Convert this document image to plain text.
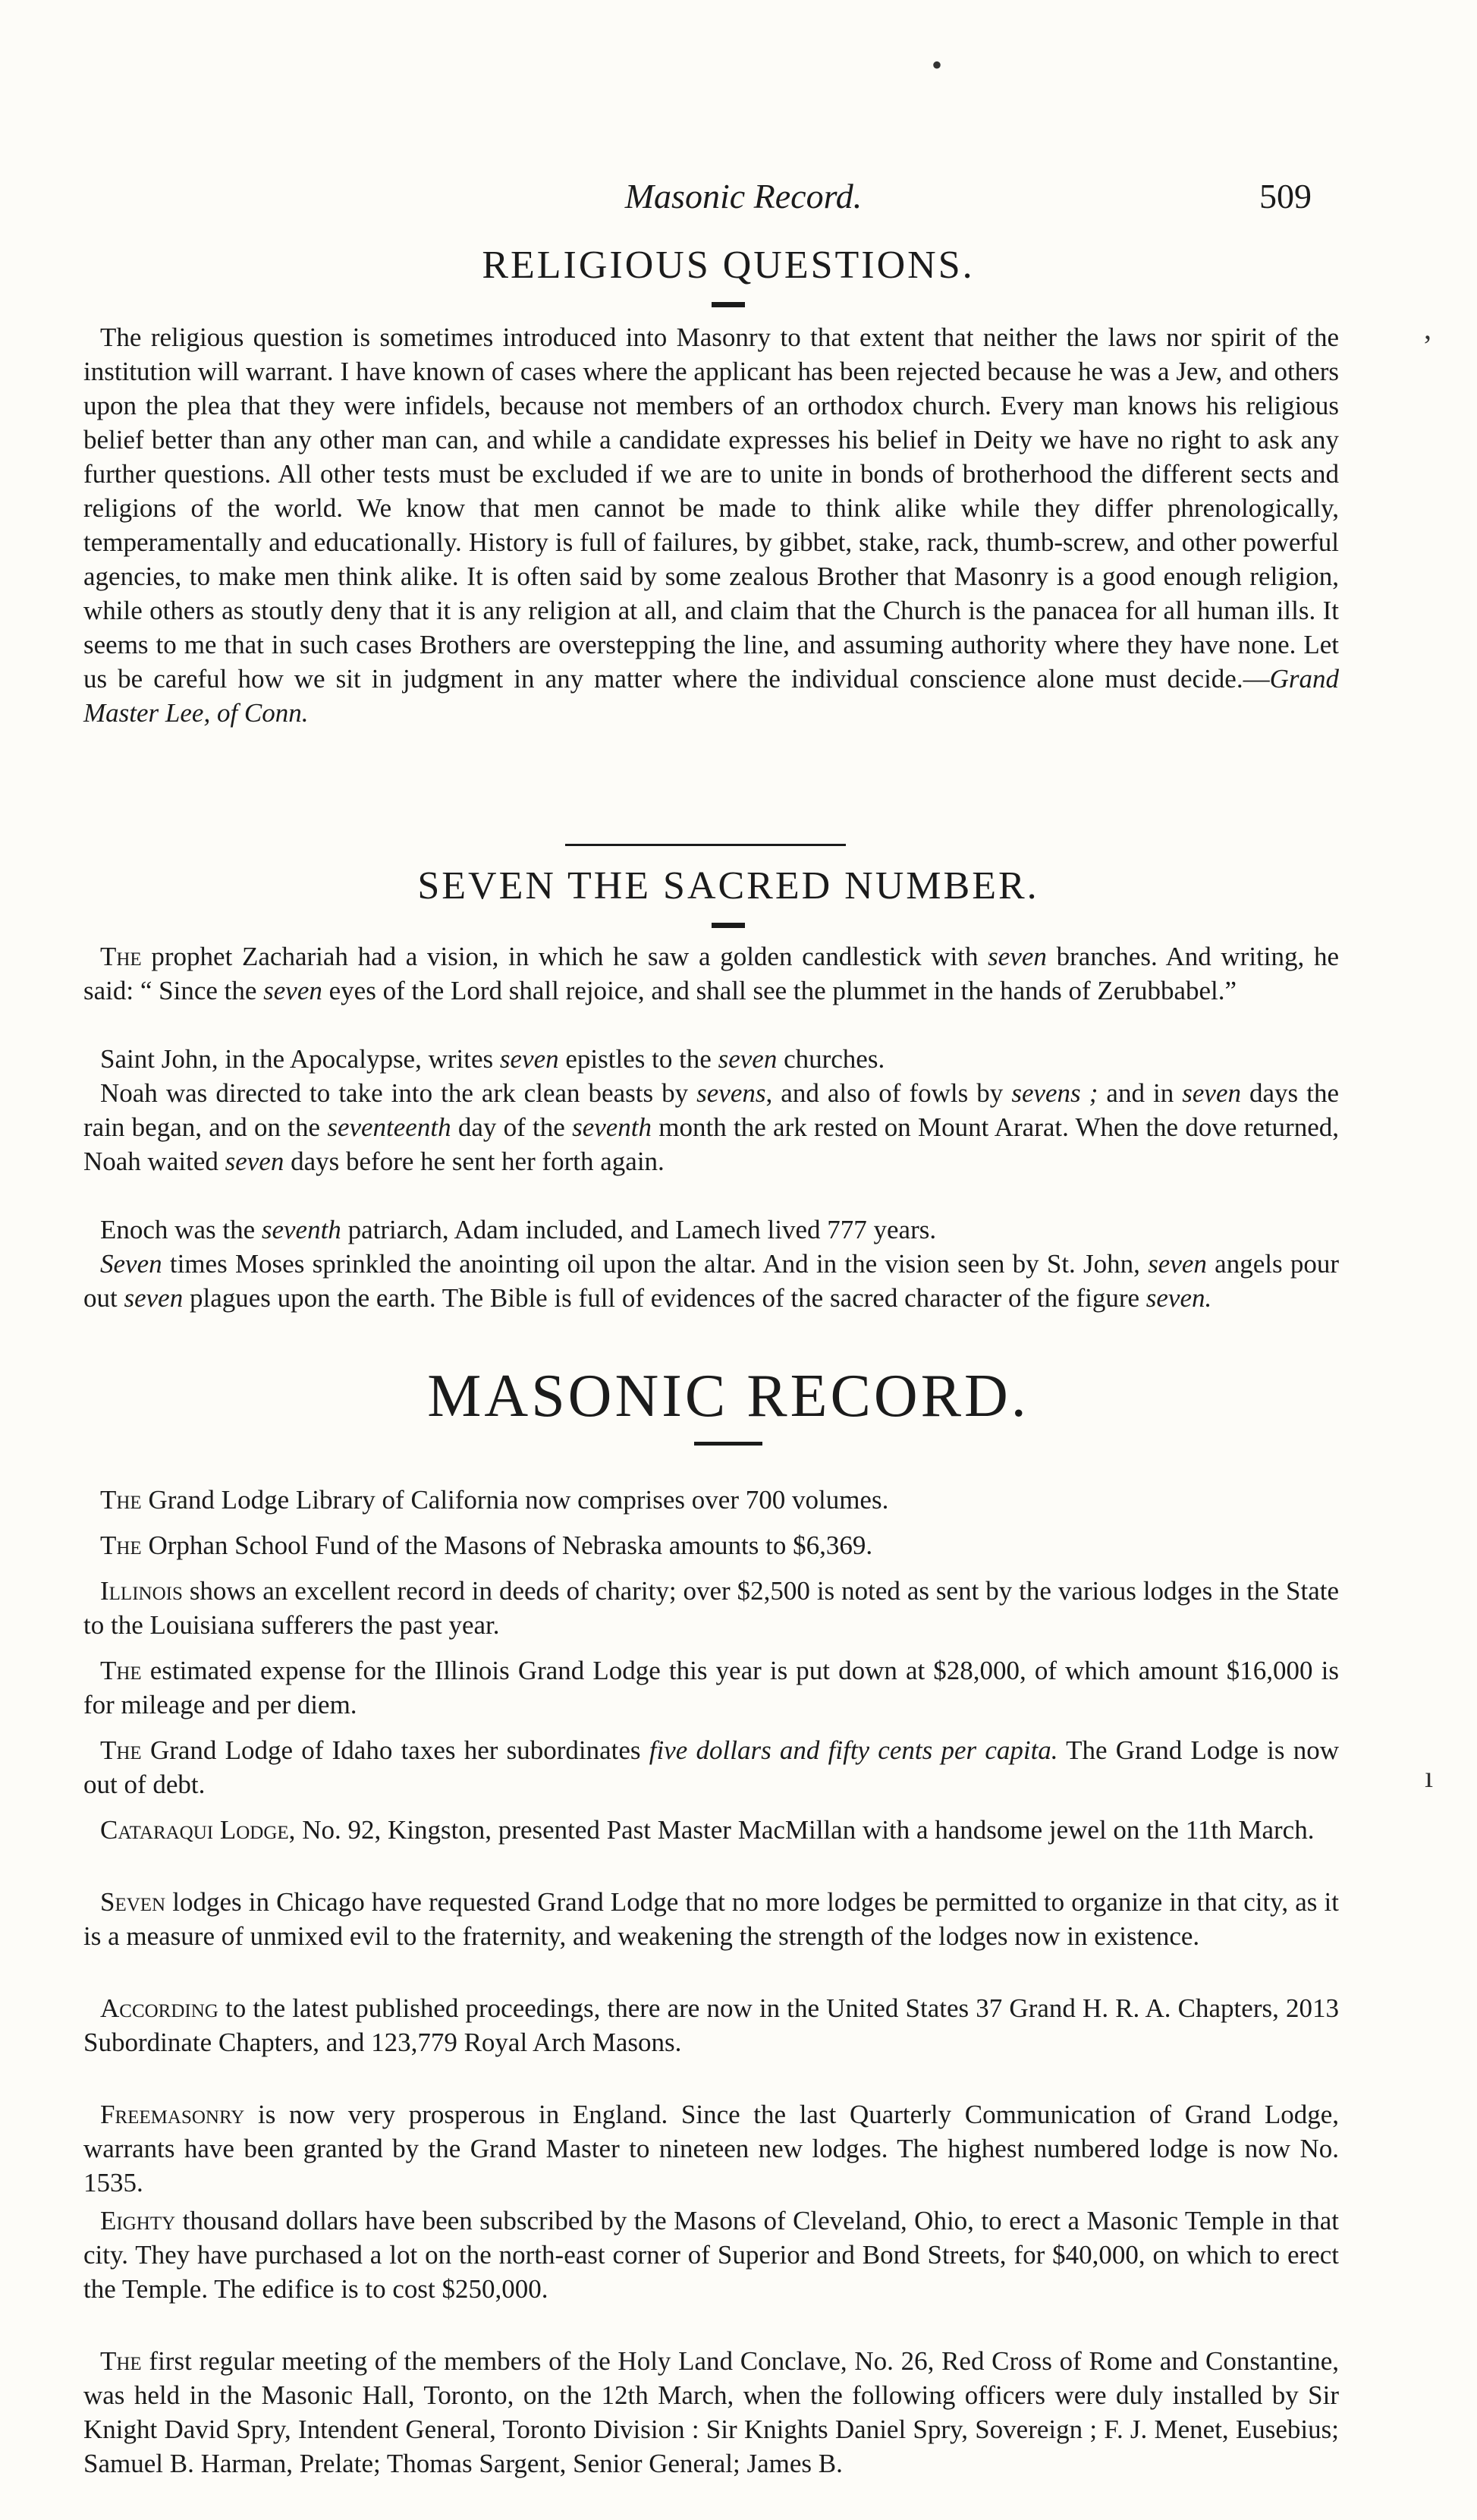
•
’
ı
Masonic Record.	509
RELIGIOUS QUESTIONS.
The religious question is sometimes introduced into Masonry to that extent that neither the laws nor spirit of the institution will warrant. I have known of cases where the applicant has been rejected because he was a Jew, and others upon the plea that they were infidels, because not members of an orthodox church. Every man knows his religious belief better than any other man can, and while a candidate expresses his belief in Deity we have no right to ask any further questions. All other tests must be excluded if we are to unite in bonds of brotherhood the different sects and religions of the world. We know that men cannot be made to think alike while they differ phrenologically, temperamentally and educationally. History is full of failures, by gibbet, stake, rack, thumb-screw, and other powerful agencies, to make men think alike. It is often said by some zealous Brother that Masonry is a good enough religion, while others as stoutly deny that it is any religion at all, and claim that the Church is the panacea for all human ills. It seems to me that in such cases Brothers are overstepping the line, and assuming authority where they have none. Let us be careful how we sit in judgment in any matter where the individual conscience alone must decide.—Grand Master Lee, of Conn.
SEVEN THE SACRED NUMBER.
The prophet Zachariah had a vision, in which he saw a golden candlestick with seven branches. And writing, he said: “ Since the seven eyes of the Lord shall rejoice, and shall see the plummet in the hands of Zerubbabel.”
Saint John, in the Apocalypse, writes seven epistles to the seven churches.
Noah was directed to take into the ark clean beasts by sevens, and also of fowls by sevens ; and in seven days the rain began, and on the seventeenth day of the seventh month the ark rested on Mount Ararat. When the dove returned, Noah waited seven days before he sent her forth again.
Enoch was the seventh patriarch, Adam included, and Lamech lived 777 years.
Seven times Moses sprinkled the anointing oil upon the altar. And in the vision seen by St. John, seven angels pour out seven plagues upon the earth. The Bible is full of evidences of the sacred character of the figure seven.
MASONIC RECORD.
The Grand Lodge Library of California now comprises over 700 volumes.
The Orphan School Fund of the Masons of Nebraska amounts to $6,369.
Illinois shows an excellent record in deeds of charity; over $2,500 is noted as sent by the various lodges in the State to the Louisiana sufferers the past year.
The estimated expense for the Illinois Grand Lodge this year is put down at $28,000, of which amount $16,000 is for mileage and per diem.
The Grand Lodge of Idaho taxes her subordinates five dollars and fifty cents per capita. The Grand Lodge is now out of debt.
Cataraqui Lodge, No. 92, Kingston, presented Past Master MacMillan with a handsome jewel on the 11th March.
Seven lodges in Chicago have requested Grand Lodge that no more lodges be permitted to organize in that city, as it is a measure of unmixed evil to the fraternity, and weakening the strength of the lodges now in existence.
According to the latest published proceedings, there are now in the United States 37 Grand H. R. A. Chapters, 2013 Subordinate Chapters, and 123,779 Royal Arch Masons.
Freemasonry is now very prosperous in England. Since the last Quarterly Communication of Grand Lodge, warrants have been granted by the Grand Master to nineteen new lodges. The highest numbered lodge is now No. 1535.
Eighty thousand dollars have been subscribed by the Masons of Cleveland, Ohio, to erect a Masonic Temple in that city. They have purchased a lot on the north-east corner of Superior and Bond Streets, for $40,000, on which to erect the Temple. The edifice is to cost $250,000.
The first regular meeting of the members of the Holy Land Conclave, No. 26, Red Cross of Rome and Constantine, was held in the Masonic Hall, Toronto, on the 12th March, when the following officers were duly installed by Sir Knight David Spry, Intendent General, Toronto Division : Sir Knights Daniel Spry, Sovereign ; F. J. Menet, Eusebius; Samuel B. Harman, Prelate; Thomas Sargent, Senior General; James B.
